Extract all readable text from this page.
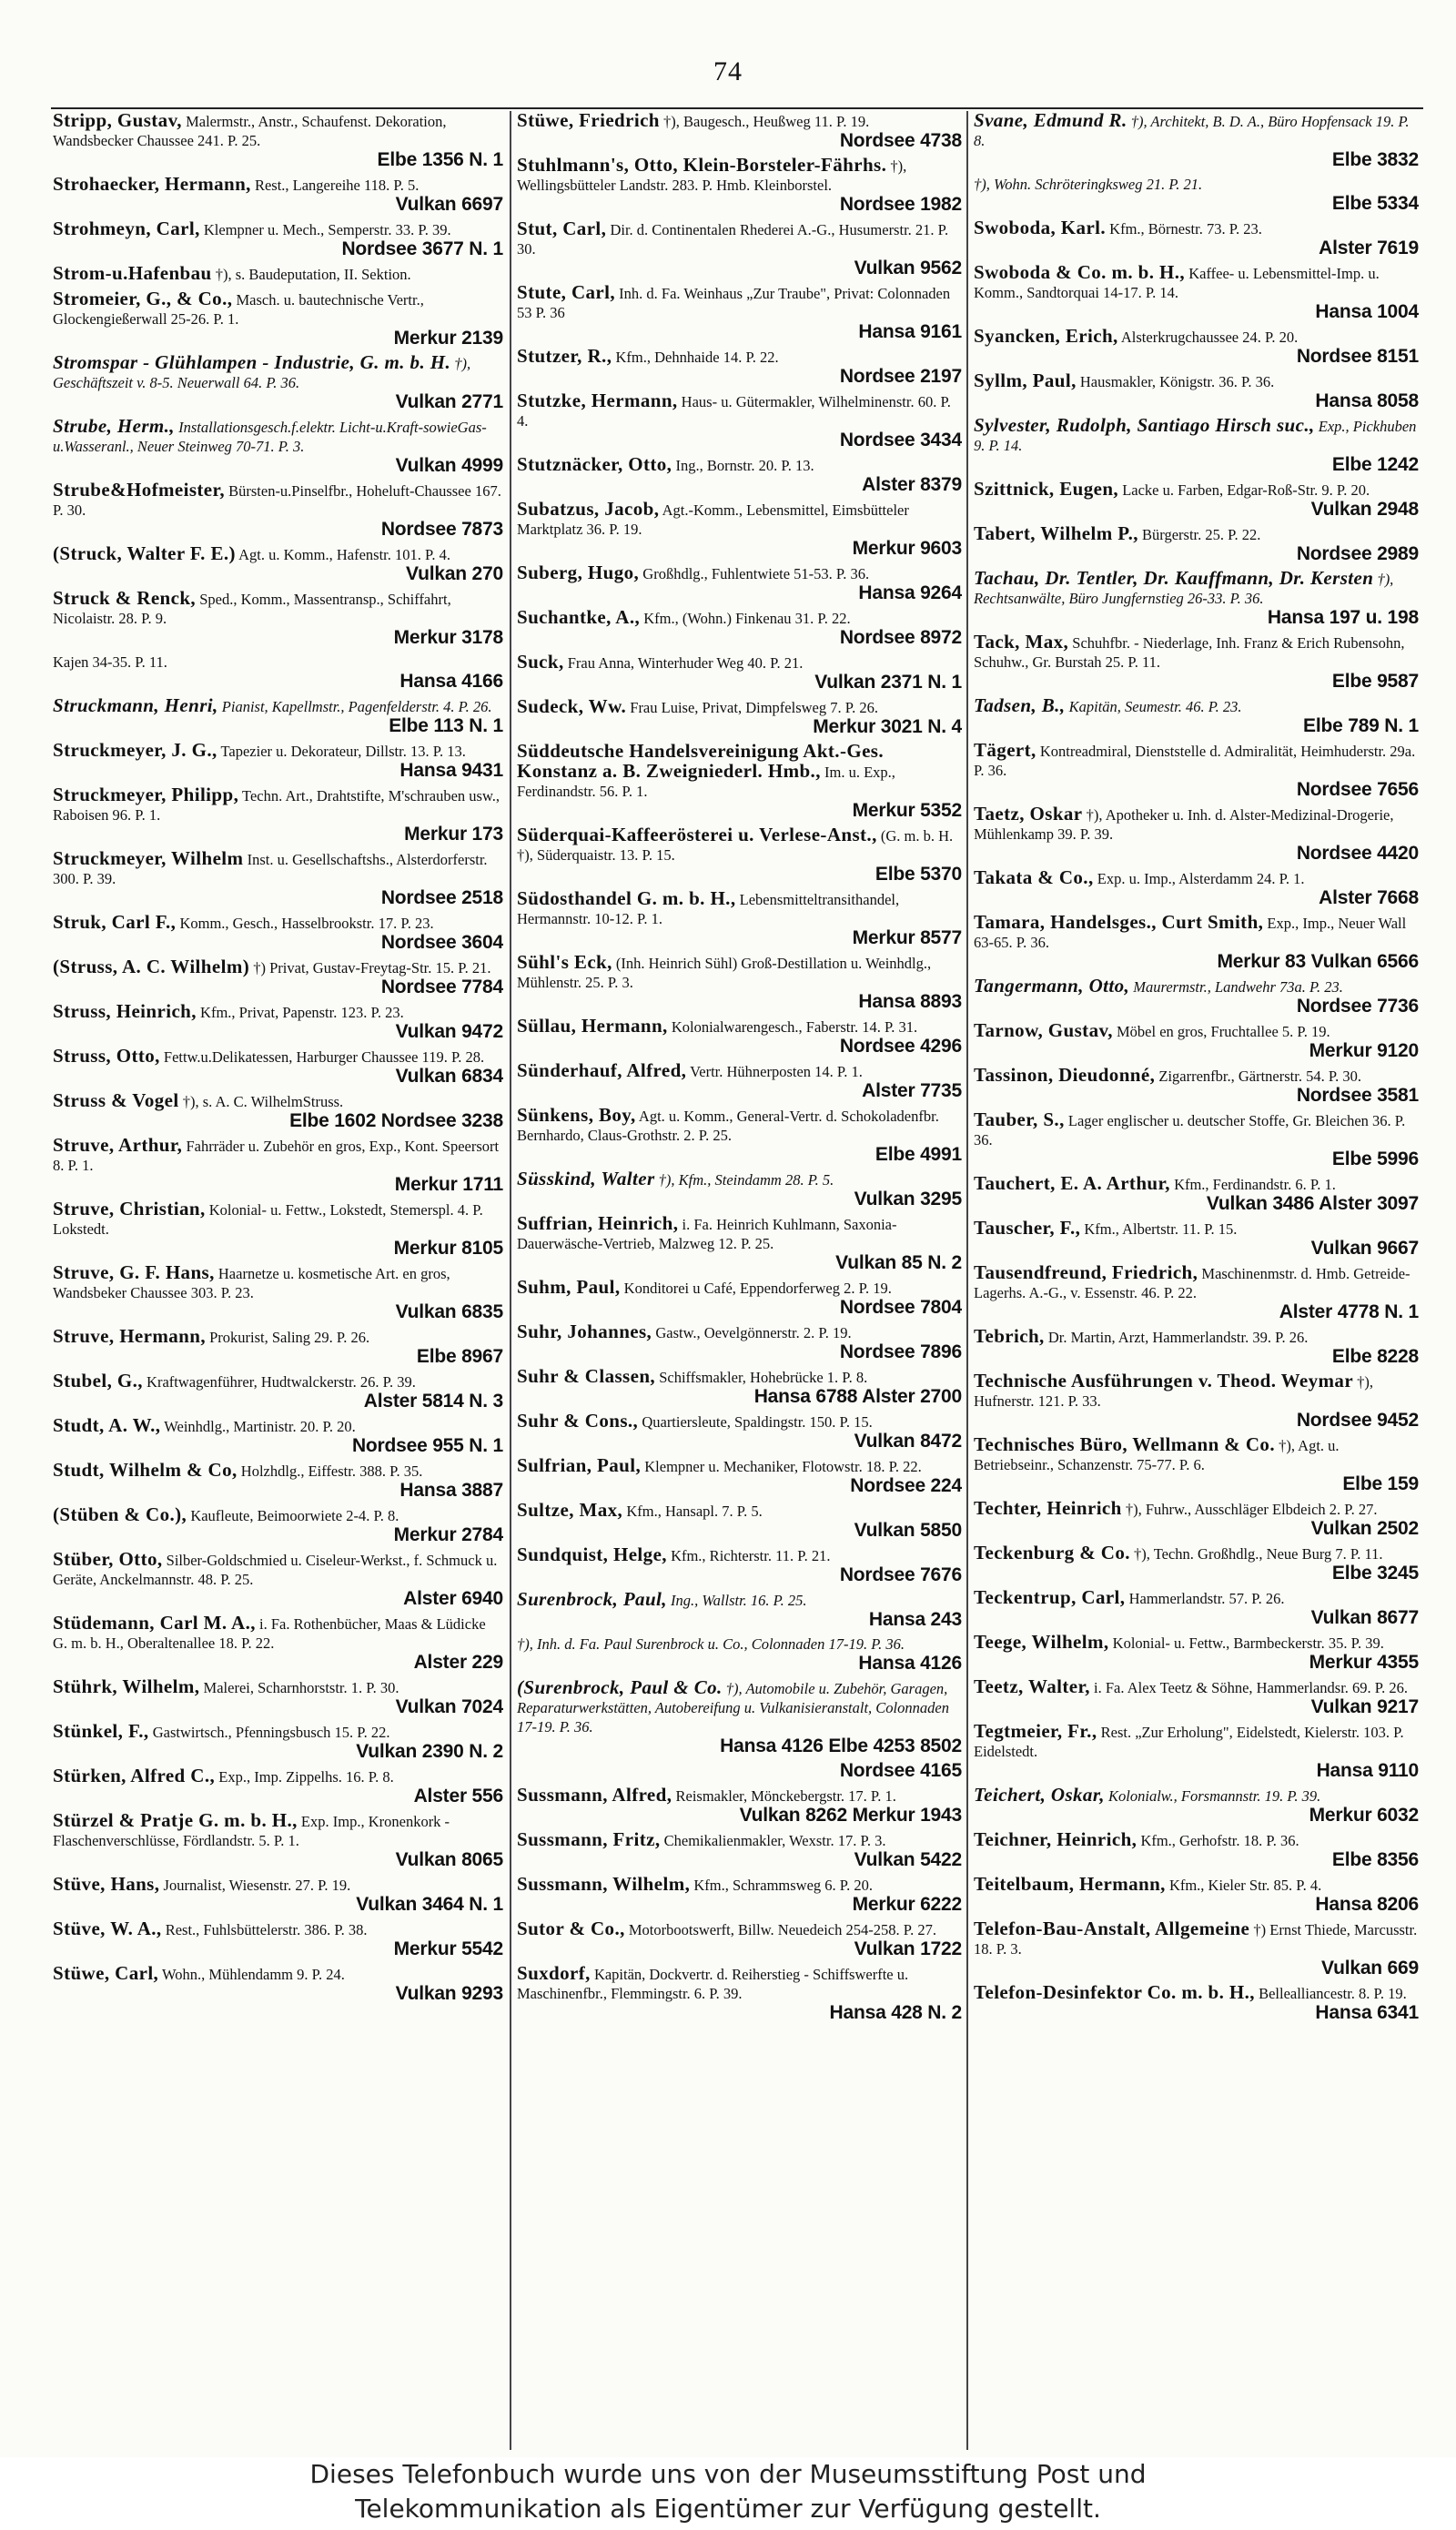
74
Stripp, Gustav, Malermstr., Anstr., Schaufenst. Dekoration, Wandsbecker Chaussee 241. P. 25.
Elbe 1356 N. 1
Strohaecker, Hermann, Rest., Langereihe 118. P. 5.
Vulkan 6697
Strohmeyn, Carl, Klempner u. Mech., Semperstr. 33. P. 39.
Nordsee 3677 N. 1
Strom-u.Hafenbau †), s. Baudeputation, II. Sektion.
Stromeier, G., & Co., Masch. u. bautechnische Vertr., Glockengießerwall 25-26. P. 1.
Merkur 2139
Stromspar - Glühlampen - Industrie, G. m. b. H. †), Geschäftszeit v. 8-5. Neuerwall 64. P. 36.
Vulkan 2771
Strube, Herm., Installationsgesch.f.elektr. Licht-u.Kraft-sowieGas-u.Wasseranl., Neuer Steinweg 70-71. P. 3.
Vulkan 4999
Strube&Hofmeister, Bürsten-u.Pinselfbr., Hoheluft-Chaussee 167. P. 30.
Nordsee 7873
(Struck, Walter F. E.) Agt. u. Komm., Hafenstr. 101. P. 4.
Vulkan 270
Struck & Renck, Sped., Komm., Massentransp., Schiffahrt, Nicolaistr. 28. P. 9.
Merkur 3178
Kajen 34-35. P. 11.
Hansa 4166
Struckmann, Henri, Pianist, Kapellmstr., Pagenfelderstr. 4. P. 26.
Elbe 113 N. 1
Struckmeyer, J. G., Tapezier u. Dekorateur, Dillstr. 13. P. 13.
Hansa 9431
Struckmeyer, Philipp, Techn. Art., Drahtstifte, M'schrauben usw., Raboisen 96. P. 1.
Merkur 173
Struckmeyer, Wilhelm Inst. u. Gesellschaftshs., Alsterdorferstr. 300. P. 39.
Nordsee 2518
Struk, Carl F., Komm., Gesch., Hasselbrookstr. 17. P. 23.
Nordsee 3604
(Struss, A. C. Wilhelm) †) Privat, Gustav-Freytag-Str. 15. P. 21.
Nordsee 7784
Struss, Heinrich, Kfm., Privat, Papenstr. 123. P. 23.
Vulkan 9472
Struss, Otto, Fettw.u.Delikatessen, Harburger Chaussee 119. P. 28.
Vulkan 6834
Struss & Vogel †), s. A. C. WilhelmStruss.
Elbe 1602 Nordsee 3238
Struve, Arthur, Fahrräder u. Zubehör en gros, Exp., Kont. Speersort 8. P. 1.
Merkur 1711
Struve, Christian, Kolonial- u. Fettw., Lokstedt, Stemerspl. 4. P. Lokstedt.
Merkur 8105
Struve, G. F. Hans, Haarnetze u. kosmetische Art. en gros, Wandsbeker Chaussee 303. P. 23.
Vulkan 6835
Struve, Hermann, Prokurist, Saling 29. P. 26.
Elbe 8967
Stubel, G., Kraftwagenführer, Hudtwalckerstr. 26. P. 39.
Alster 5814 N. 3
Studt, A. W., Weinhdlg., Martinistr. 20. P. 20.
Nordsee 955 N. 1
Studt, Wilhelm & Co, Holzhdlg., Eiffestr. 388. P. 35.
Hansa 3887
(Stüben & Co.), Kaufleute, Beimoorwiete 2-4. P. 8.
Merkur 2784
Stüber, Otto, Silber-Goldschmied u. Ciseleur-Werkst., f. Schmuck u. Geräte, Anckelmannstr. 48. P. 25.
Alster 6940
Stüdemann, Carl M. A., i. Fa. Rothenbücher, Maas & Lüdicke G. m. b. H., Oberaltenallee 18. P. 22.
Alster 229
Stührk, Wilhelm, Malerei, Scharnhorststr. 1. P. 30.
Vulkan 7024
Stünkel, F., Gastwirtsch., Pfenningsbusch 15. P. 22.
Vulkan 2390 N. 2
Stürken, Alfred C., Exp., Imp. Zippelhs. 16. P. 8.
Alster 556
Stürzel & Pratje G. m. b. H., Exp. Imp., Kronenkork - Flaschenverschlüsse, Fördlandstr. 5. P. 1.
Vulkan 8065
Stüve, Hans, Journalist, Wiesenstr. 27. P. 19.
Vulkan 3464 N. 1
Stüve, W. A., Rest., Fuhlsbüttelerstr. 386. P. 38.
Merkur 5542
Stüwe, Carl, Wohn., Mühlendamm 9. P. 24.
Vulkan 9293
Stüwe, Friedrich †), Baugesch., Heußweg 11. P. 19.
Nordsee 4738
Stuhlmann's, Otto, Klein-Borsteler-Fährhs. †), Wellingsbütteler Landstr. 283. P. Hmb. Kleinborstel.
Nordsee 1982
Stut, Carl, Dir. d. Continentalen Rhederei A.-G., Husumerstr. 21. P. 30.
Vulkan 9562
Stute, Carl, Inh. d. Fa. Weinhaus „Zur Traube", Privat: Colonnaden 53 P. 36
Hansa 9161
Stutzer, R., Kfm., Dehnhaide 14. P. 22.
Nordsee 2197
Stutzke, Hermann, Haus- u. Gütermakler, Wilhelminenstr. 60. P. 4.
Nordsee 3434
Stutznäcker, Otto, Ing., Bornstr. 20. P. 13.
Alster 8379
Subatzus, Jacob, Agt.-Komm., Lebensmittel, Eimsbütteler Marktplatz 36. P. 19.
Merkur 9603
Suberg, Hugo, Großhdlg., Fuhlentwiete 51-53. P. 36.
Hansa 9264
Suchantke, A., Kfm., (Wohn.) Finkenau 31. P. 22.
Nordsee 8972
Suck, Frau Anna, Winterhuder Weg 40. P. 21.
Vulkan 2371 N. 1
Sudeck, Ww. Frau Luise, Privat, Dimpfelsweg 7. P. 26.
Merkur 3021 N. 4
Süddeutsche Handelsvereinigung Akt.-Ges. Konstanz a. B. Zweigniederl. Hmb., Im. u. Exp., Ferdinandstr. 56. P. 1.
Merkur 5352
Süderquai-Kaffeerösterei u. Verlese-Anst., (G. m. b. H. †), Süderquaistr. 13. P. 15.
Elbe 5370
Südosthandel G. m. b. H., Lebensmitteltransithandel, Hermannstr. 10-12. P. 1.
Merkur 8577
Sühl's Eck, (Inh. Heinrich Sühl) Groß-Destillation u. Weinhdlg., Mühlenstr. 25. P. 3.
Hansa 8893
Süllau, Hermann, Kolonialwarengesch., Faberstr. 14. P. 31.
Nordsee 4296
Sünderhauf, Alfred, Vertr. Hühnerposten 14. P. 1.
Alster 7735
Sünkens, Boy, Agt. u. Komm., General-Vertr. d. Schokoladenfbr. Bernhardo, Claus-Grothstr. 2. P. 25.
Elbe 4991
Süsskind, Walter †), Kfm., Steindamm 28. P. 5.
Vulkan 3295
Suffrian, Heinrich, i. Fa. Heinrich Kuhlmann, Saxonia-Dauerwäsche-Vertrieb, Malzweg 12. P. 25.
Vulkan 85 N. 2
Suhm, Paul, Konditorei u Café, Eppendorferweg 2. P. 19.
Nordsee 7804
Suhr, Johannes, Gastw., Oevelgönnerstr. 2. P. 19.
Nordsee 7896
Suhr & Classen, Schiffsmakler, Hohebrücke 1. P. 8.
Hansa 6788 Alster 2700
Suhr & Cons., Quartiersleute, Spaldingstr. 150. P. 15.
Vulkan 8472
Sulfrian, Paul, Klempner u. Mechaniker, Flotowstr. 18. P. 22.
Nordsee 224
Sultze, Max, Kfm., Hansapl. 7. P. 5.
Vulkan 5850
Sundquist, Helge, Kfm., Richterstr. 11. P. 21.
Nordsee 7676
Surenbrock, Paul, Ing., Wallstr. 16. P. 25.
Hansa 243
†), Inh. d. Fa. Paul Surenbrock u. Co., Colonnaden 17-19. P. 36.
Hansa 4126
(Surenbrock, Paul & Co. †), Automobile u. Zubehör, Garagen, Reparaturwerkstätten, Autobereifung u. Vulkanisieranstalt, Colonnaden 17-19. P. 36.
Hansa 4126 Elbe 4253 8502
Nordsee 4165
Sussmann, Alfred, Reismakler, Mönckebergstr. 17. P. 1.
Vulkan 8262 Merkur 1943
Sussmann, Fritz, Chemikalienmakler, Wexstr. 17. P. 3.
Vulkan 5422
Sussmann, Wilhelm, Kfm., Schrammsweg 6. P. 20.
Merkur 6222
Sutor & Co., Motorbootswerft, Billw. Neuedeich 254-258. P. 27.
Vulkan 1722
Suxdorf, Kapitän, Dockvertr. d. Reiherstieg - Schiffswerfte u. Maschinenfbr., Flemmingstr. 6. P. 39.
Hansa 428 N. 2
Svane, Edmund R. †), Architekt, B. D. A., Büro Hopfensack 19. P. 8.
Elbe 3832
†), Wohn. Schröteringksweg 21. P. 21.
Elbe 5334
Swoboda, Karl. Kfm., Börnestr. 73. P. 23.
Alster 7619
Swoboda & Co. m. b. H., Kaffee- u. Lebensmittel-Imp. u. Komm., Sandtorquai 14-17. P. 14.
Hansa 1004
Syancken, Erich, Alsterkrugchaussee 24. P. 20.
Nordsee 8151
Syllm, Paul, Hausmakler, Königstr. 36. P. 36.
Hansa 8058
Sylvester, Rudolph, Santiago Hirsch suc., Exp., Pickhuben 9. P. 14.
Elbe 1242
Szittnick, Eugen, Lacke u. Farben, Edgar-Roß-Str. 9. P. 20.
Vulkan 2948
Tabert, Wilhelm P., Bürgerstr. 25. P. 22.
Nordsee 2989
Tachau, Dr. Tentler, Dr. Kauffmann, Dr. Kersten †), Rechtsanwälte, Büro Jungfernstieg 26-33. P. 36.
Hansa 197 u. 198
Tack, Max, Schuhfbr. - Niederlage, Inh. Franz & Erich Rubensohn, Schuhw., Gr. Burstah 25. P. 11.
Elbe 9587
Tadsen, B., Kapitän, Seumestr. 46. P. 23.
Elbe 789 N. 1
Tägert, Kontreadmiral, Dienststelle d. Admiralität, Heimhuderstr. 29a. P. 36.
Nordsee 7656
Taetz, Oskar †), Apotheker u. Inh. d. Alster-Medizinal-Drogerie, Mühlenkamp 39. P. 39.
Nordsee 4420
Takata & Co., Exp. u. Imp., Alsterdamm 24. P. 1.
Alster 7668
Tamara, Handelsges., Curt Smith, Exp., Imp., Neuer Wall 63-65. P. 36.
Merkur 83 Vulkan 6566
Tangermann, Otto, Maurermstr., Landwehr 73a. P. 23.
Nordsee 7736
Tarnow, Gustav, Möbel en gros, Fruchtallee 5. P. 19.
Merkur 9120
Tassinon, Dieudonné, Zigarrenfbr., Gärtnerstr. 54. P. 30.
Nordsee 3581
Tauber, S., Lager englischer u. deutscher Stoffe, Gr. Bleichen 36. P. 36.
Elbe 5996
Tauchert, E. A. Arthur, Kfm., Ferdinandstr. 6. P. 1.
Vulkan 3486 Alster 3097
Tauscher, F., Kfm., Albertstr. 11. P. 15.
Vulkan 9667
Tausendfreund, Friedrich, Maschinenmstr. d. Hmb. Getreide-Lagerhs. A.-G., v. Essenstr. 46. P. 22.
Alster 4778 N. 1
Tebrich, Dr. Martin, Arzt, Hammerlandstr. 39. P. 26.
Elbe 8228
Technische Ausführungen v. Theod. Weymar †), Hufnerstr. 121. P. 33.
Nordsee 9452
Technisches Büro, Wellmann & Co. †), Agt. u. Betriebseinr., Schanzenstr. 75-77. P. 6.
Elbe 159
Techter, Heinrich †), Fuhrw., Ausschläger Elbdeich 2. P. 27.
Vulkan 2502
Teckenburg & Co. †), Techn. Großhdlg., Neue Burg 7. P. 11.
Elbe 3245
Teckentrup, Carl, Hammerlandstr. 57. P. 26.
Vulkan 8677
Teege, Wilhelm, Kolonial- u. Fettw., Barmbeckerstr. 35. P. 39.
Merkur 4355
Teetz, Walter, i. Fa. Alex Teetz & Söhne, Hammerlandsr. 69. P. 26.
Vulkan 9217
Tegtmeier, Fr., Rest. „Zur Erholung", Eidelstedt, Kielerstr. 103. P. Eidelstedt.
Hansa 9110
Teichert, Oskar, Kolonialw., Forsmannstr. 19. P. 39.
Merkur 6032
Teichner, Heinrich, Kfm., Gerhofstr. 18. P. 36.
Elbe 8356
Teitelbaum, Hermann, Kfm., Kieler Str. 85. P. 4.
Hansa 8206
Telefon-Bau-Anstalt, Allgemeine †) Ernst Thiede, Marcusstr. 18. P. 3.
Vulkan 669
Telefon-Desinfektor Co. m. b. H., Bellealliancestr. 8. P. 19.
Hansa 6341
Dieses Telefonbuch wurde uns von der Museumsstiftung Post und
Telekommunikation als Eigentümer zur Verfügung gestellt.
